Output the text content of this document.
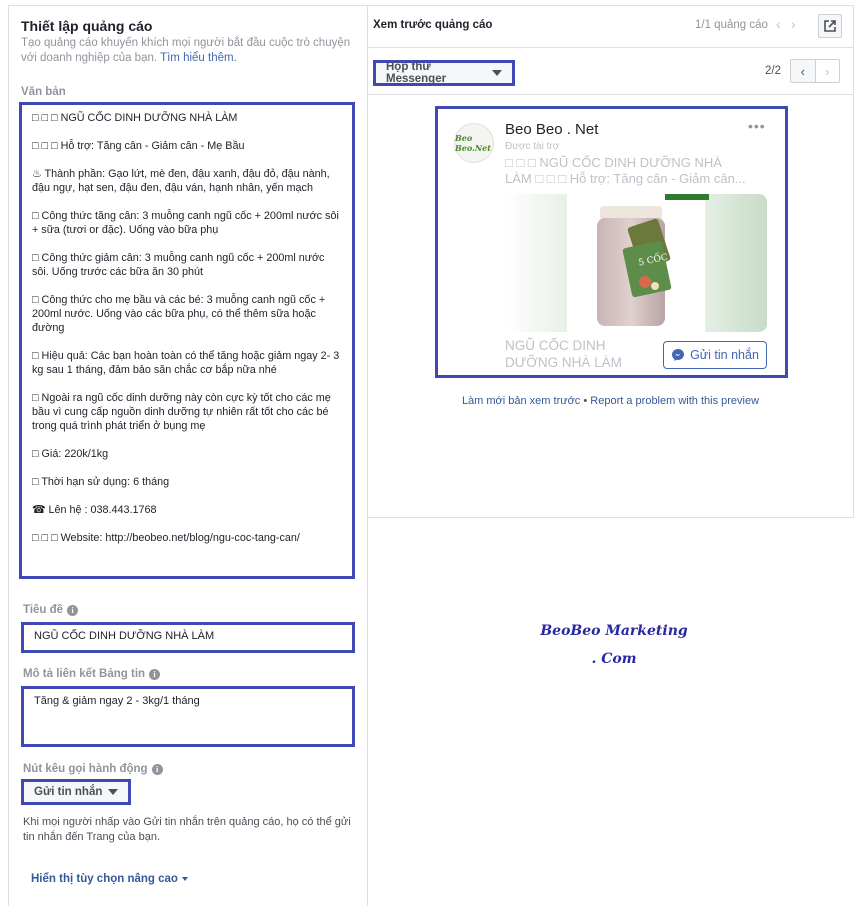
Thiết lập quảng cáo
Tạo quảng cáo khuyến khích mọi người bắt đầu cuộc trò chuyện với doanh nghiệp của bạn. Tìm hiểu thêm.
Văn bản
□ □ □ NGŨ CỐC DINH DƯỠNG NHÀ LÀM
□ □ □ Hỗ trợ: Tăng cân - Giảm cân - Mẹ Bầu
♨ Thành phần: Gạo lứt, mè đen, đậu xanh, đậu đỏ, đậu nành, đậu ngự, hạt sen, đậu đen, đậu ván, hạnh nhân, yến mạch
□ Công thức tăng cân: 3 muỗng canh ngũ cốc + 200ml nước sôi + sữa (tươi or đặc). Uống vào bữa phụ
□ Công thức giảm cân: 3 muỗng canh ngũ cốc + 200ml nước sôi. Uống trước các bữa ăn 30 phút
□ Công thức cho mẹ bầu và các bé: 3 muỗng canh ngũ cốc + 200ml nước. Uống vào các bữa phụ, có thể thêm sữa hoặc đường
□ Hiệu quả: Các bạn hoàn toàn có thể tăng hoặc giảm ngay 2- 3 kg sau 1 tháng, đảm bảo săn chắc cơ bắp nữa nhé
□ Ngoài ra ngũ cốc dinh dưỡng này còn cực kỳ tốt cho các mẹ bầu vì cung cấp nguồn dinh dưỡng tự nhiên rất tốt cho các bé trong quá trình phát triển ở bụng mẹ
□ Giá: 220k/1kg
□ Thời hạn sử dụng: 6 tháng
☎ Lên hệ : 038.443.1768
□ □ □ Website: http://beobeo.net/blog/ngu-coc-tang-can/
Tiêu đề	i
NGŨ CỐC DINH DƯỠNG NHÀ LÀM
Mô tả liên kết Bảng tin	i
Tăng & giảm ngay 2 - 3kg/1 tháng
Nút kêu gọi hành động	i
Gửi tin nhắn
Khi mọi người nhấp vào Gửi tin nhắn trên quảng cáo, họ có thể gửi tin nhắn đến Trang của bạn.
Hiển thị tùy chọn nâng cao
Xem trước quảng cáo	1/1 quảng cáo ‹ ›
Hộp thư Messenger
2/2 ‹ ›
Beo Beo.Net
Beo Beo . Net
Được tài trợ
•••
□ □ □ NGŨ CỐC DINH DƯỠNG NHÀ
LÀM □ □ □ Hỗ trợ: Tăng cân - Giảm cân...
5 CỐC
NGŨ CỐC DINH DƯỠNG NHÀ LÀM	Gửi tin nhắn
Làm mới bản xem trước • Report a problem with this preview
BeoBeo Marketing
. Com
